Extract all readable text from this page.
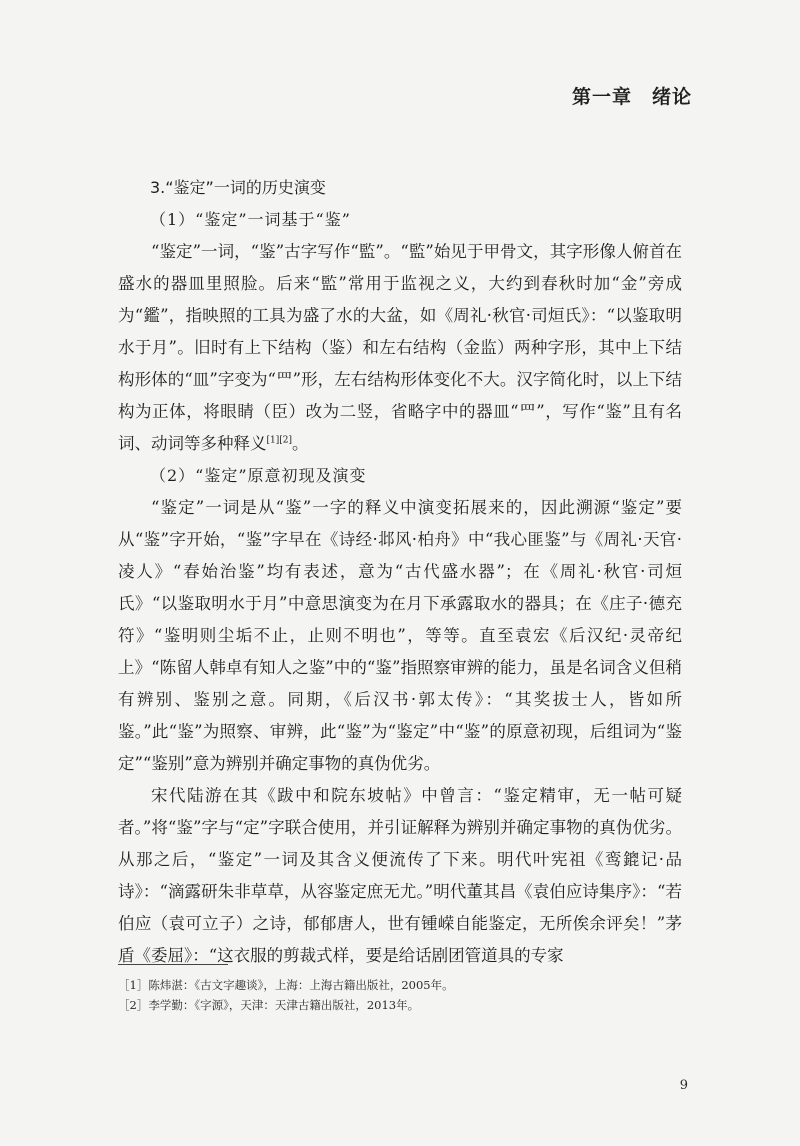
第一章　绪论
3.“鉴定”一词的历史演变
（1）“鉴定”一词基于“鉴”

“鉴定”一词，“鉴”古字写作“監”。“監”始见于甲骨文，其字形像人俯首在盛水的器皿里照脸。后来“監”常用于监视之义，大约到春秋时加“金”旁成为“鑑”，指映照的工具为盛了水的大盆，如《周礼·秋官·司烜氏》：“以鉴取明水于月”。旧时有上下结构（鉴）和左右结构（金监）两种字形，其中上下结构形体的“皿”字变为“罒”形，左右结构形体变化不大。汉字简化时，以上下结构为正体，将眼睛（臣）改为二竖，省略字中的器皿“罒”，写作“鉴”且有名词、动词等多种释义[1][2]。

（2）“鉴定”原意初现及演变

“鉴定”一词是从“鉴”一字的释义中演变拓展来的，因此溯源“鉴定”要从“鉴”字开始，“鉴”字早在《诗经·邶风·柏舟》中“我心匪鉴”与《周礼·天官·凌人》“春始治鉴”均有表述，意为“古代盛水器”；在《周礼·秋官·司烜氏》“以鉴取明水于月”中意思演变为在月下承露取水的器具；在《庄子·德充符》“鉴明则尘垢不止，止则不明也”，等等。直至袁宏《后汉纪·灵帝纪上》“陈留人韩卓有知人之鉴”中的“鉴”指照察审辨的能力，虽是名词含义但稍有辨别、鉴别之意。同期，《后汉书·郭太传》：“其奖拔士人，皆如所鉴。”此“鉴”为照察、审辨，此“鉴”为“鉴定”中“鉴”的原意初现，后组词为“鉴定”“鉴别”意为辨别并确定事物的真伪优劣。

宋代陆游在其《跋中和院东坡帖》中曾言：“鉴定精审，无一帖可疑者。”将“鉴”字与“定”字联合使用，并引证解释为辨别并确定事物的真伪优劣。从那之后，“鉴定”一词及其含义便流传了下来。明代叶宪祖《鸾鎞记·品诗》：“滴露研朱非草草，从容鉴定庶无尤。”明代董其昌《袁伯应诗集序》：“若伯应（袁可立子）之诗，郁郁唐人，世有锺嵘自能鉴定，无所俟余评矣！”茅盾《委屈》：“这衣服的剪裁式样，要是给话剧团管道具的专家

［1］陈炜湛：《古文字趣谈》，上海：上海古籍出版社，2005年。
［2］李学勤：《字源》，天津：天津古籍出版社，2013年。
9
